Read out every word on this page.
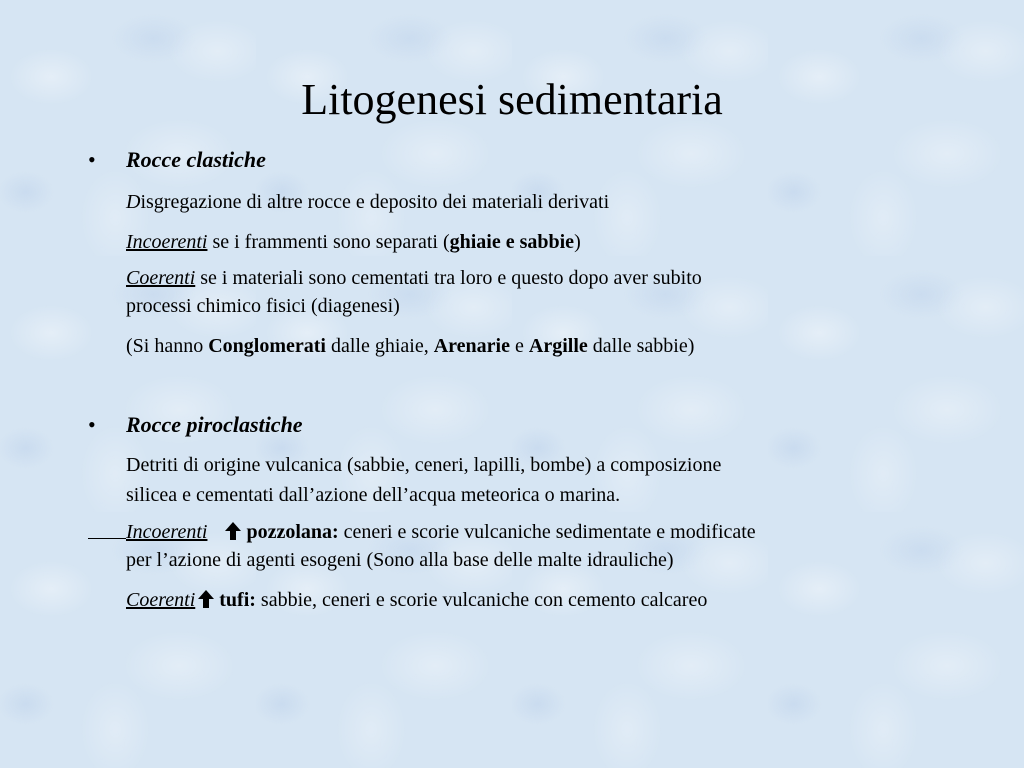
Litogenesi sedimentaria
• Rocce clastiche
Disgregazione di altre rocce e deposito dei materiali derivati
Incoerenti se i frammenti sono separati (ghiaie e sabbie)
Coerenti se i materiali sono cementati tra loro e questo dopo aver subito
processi chimico fisici (diagenesi)
(Si hanno Conglomerati dalle ghiaie, Arenarie e Argille dalle sabbie)
• Rocce piroclastiche
Detriti di origine vulcanica (sabbie, ceneri, lapilli, bombe) a composizione
silicea e cementati dall’azione dell’acqua meteorica o marina.
Incoerenti pozzolana: ceneri e scorie vulcaniche sedimentate e modificate
per l’azione di agenti esogeni (Sono alla base delle malte idrauliche)
Coerenti tufi: sabbie, ceneri e scorie vulcaniche con cemento calcareo
